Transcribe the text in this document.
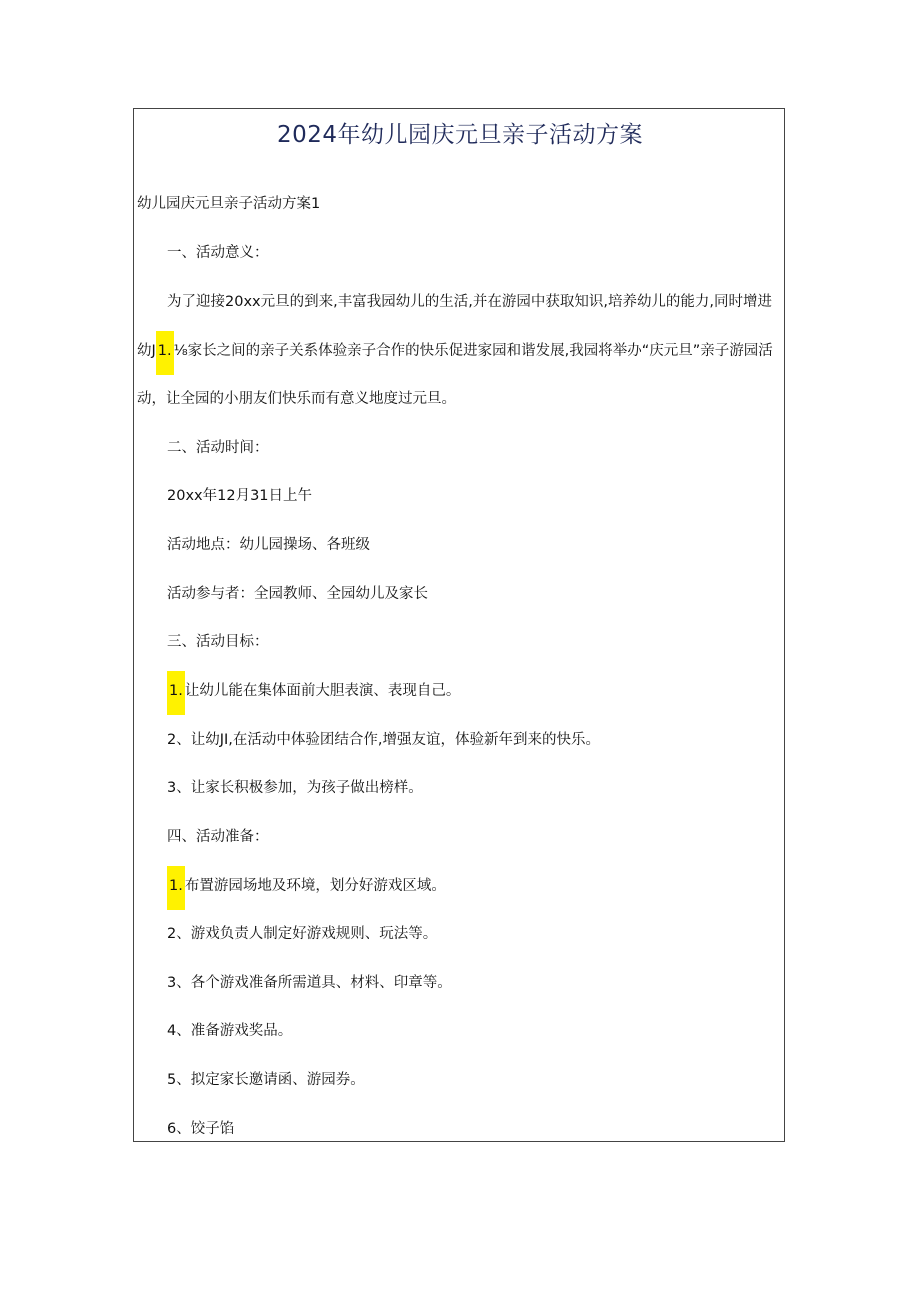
2024年幼儿园庆元旦亲子活动方案
幼儿园庆元旦亲子活动方案1
一、活动意义：
为了迎接20xx元旦的到来,丰富我园幼儿的生活,并在游园中获取知识,培养幼儿的能力,同时增进
幼J 1. ⅛家长之间的亲子关系体验亲子合作的快乐促进家园和谐发展,我园将举办“庆元旦”亲子游园活
动，让全园的小朋友们快乐而有意义地度过元旦。
二、活动时间：
20xx年12月31日上午
活动地点：幼儿园操场、各班级
活动参与者：全园教师、全园幼儿及家长
三、活动目标：
1. 让幼儿能在集体面前大胆表演、表现自己。
2、让幼JI,在活动中体验团结合作,增强友谊，体验新年到来的快乐。
3、让家长积极参加，为孩子做出榜样。
四、活动准备：
1. 布置游园场地及环境，划分好游戏区域。
2、游戏负责人制定好游戏规则、玩法等。
3、各个游戏准备所需道具、材料、印章等。
4、准备游戏奖品。
5、拟定家长邀请函、游园券。
6、饺子馅
